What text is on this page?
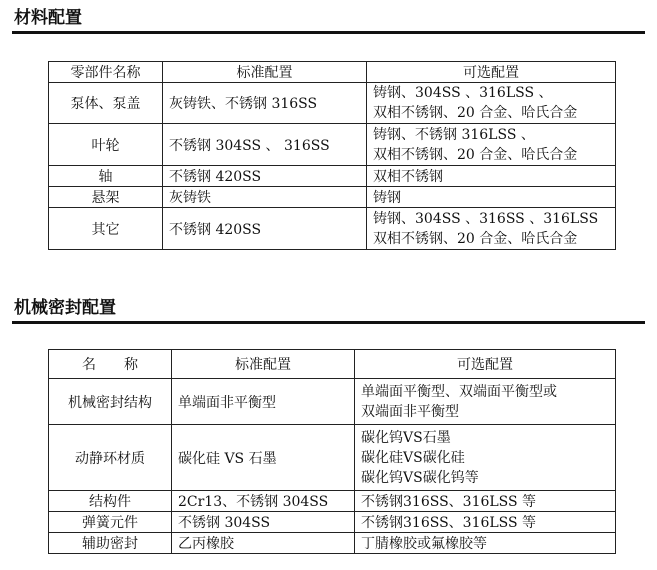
材料配置
零部件名称	标准配置	可选配置
泵体、泵盖	灰铸铁、不锈钢 316SS	铸钢、304SS 、316LSS 、
双相不锈钢、20 合金、哈氏合金

叶轮	不锈钢 304SS 、 316SS	铸钢、不锈钢 316LSS 、
双相不锈钢、20 合金、哈氏合金

轴	不锈钢 420SS	双相不锈钢
悬架	灰铸铁	铸钢
其它	不锈钢 420SS	铸钢、304SS 、316SS 、316LSS
双相不锈钢、20 合金、哈氏合金
机械密封配置
名　　称	标准配置	可选配置
机械密封结构	单端面非平衡型	单端面平衡型、双端面平衡型或
双端面非平衡型

动静环材质	碳化硅 VS 石墨	碳化钨VS石墨
碳化硅VS碳化硅
碳化钨VS碳化钨等

结构件	2Cr13、不锈钢 304SS	不锈钢316SS、316LSS 等
弹簧元件	不锈钢 304SS	不锈钢316SS、316LSS 等
辅助密封	乙丙橡胶	丁腈橡胶或氟橡胶等
